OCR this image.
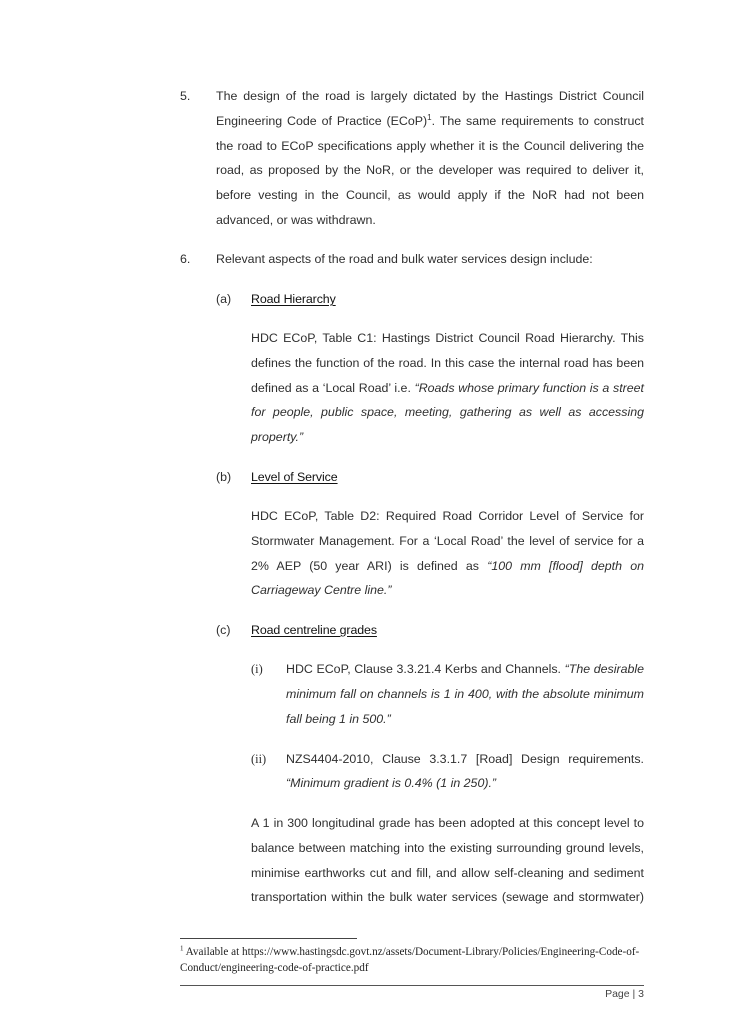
5. The design of the road is largely dictated by the Hastings District Council Engineering Code of Practice (ECoP)$^1$. The same requirements to construct the road to ECoP specifications apply whether it is the Council delivering the road, as proposed by the NoR, or the developer was required to deliver it, before vesting in the Council, as would apply if the NoR had not been advanced, or was withdrawn.
6. Relevant aspects of the road and bulk water services design include:
(a) Road Hierarchy
HDC ECoP, Table C1: Hastings District Council Road Hierarchy. This defines the function of the road. In this case the internal road has been defined as a ‘Local Road’ i.e. “Roads whose primary function is a street for people, public space, meeting, gathering as well as accessing property.”
(b) Level of Service
HDC ECoP, Table D2: Required Road Corridor Level of Service for Stormwater Management. For a ‘Local Road’ the level of service for a 2% AEP (50 year ARI) is defined as “100 mm [flood] depth on Carriageway Centre line.”
(c) Road centreline grades
(i) HDC ECoP, Clause 3.3.21.4 Kerbs and Channels. “The desirable minimum fall on channels is 1 in 400, with the absolute minimum fall being 1 in 500.”
(ii) NZS4404-2010, Clause 3.3.1.7 [Road] Design requirements.
“Minimum gradient is 0.4% (1 in 250).”
A 1 in 300 longitudinal grade has been adopted at this concept level to balance between matching into the existing surrounding ground levels, minimise earthworks cut and fill, and allow self-cleaning and sediment transportation within the bulk water services (sewage and stormwater)
$^1$ Available at https://www.hastingsdc.govt.nz/assets/Document-Library/Policies/Engineering-Code-of-Conduct/engineering-code-of-practice.pdf
Page | 3
